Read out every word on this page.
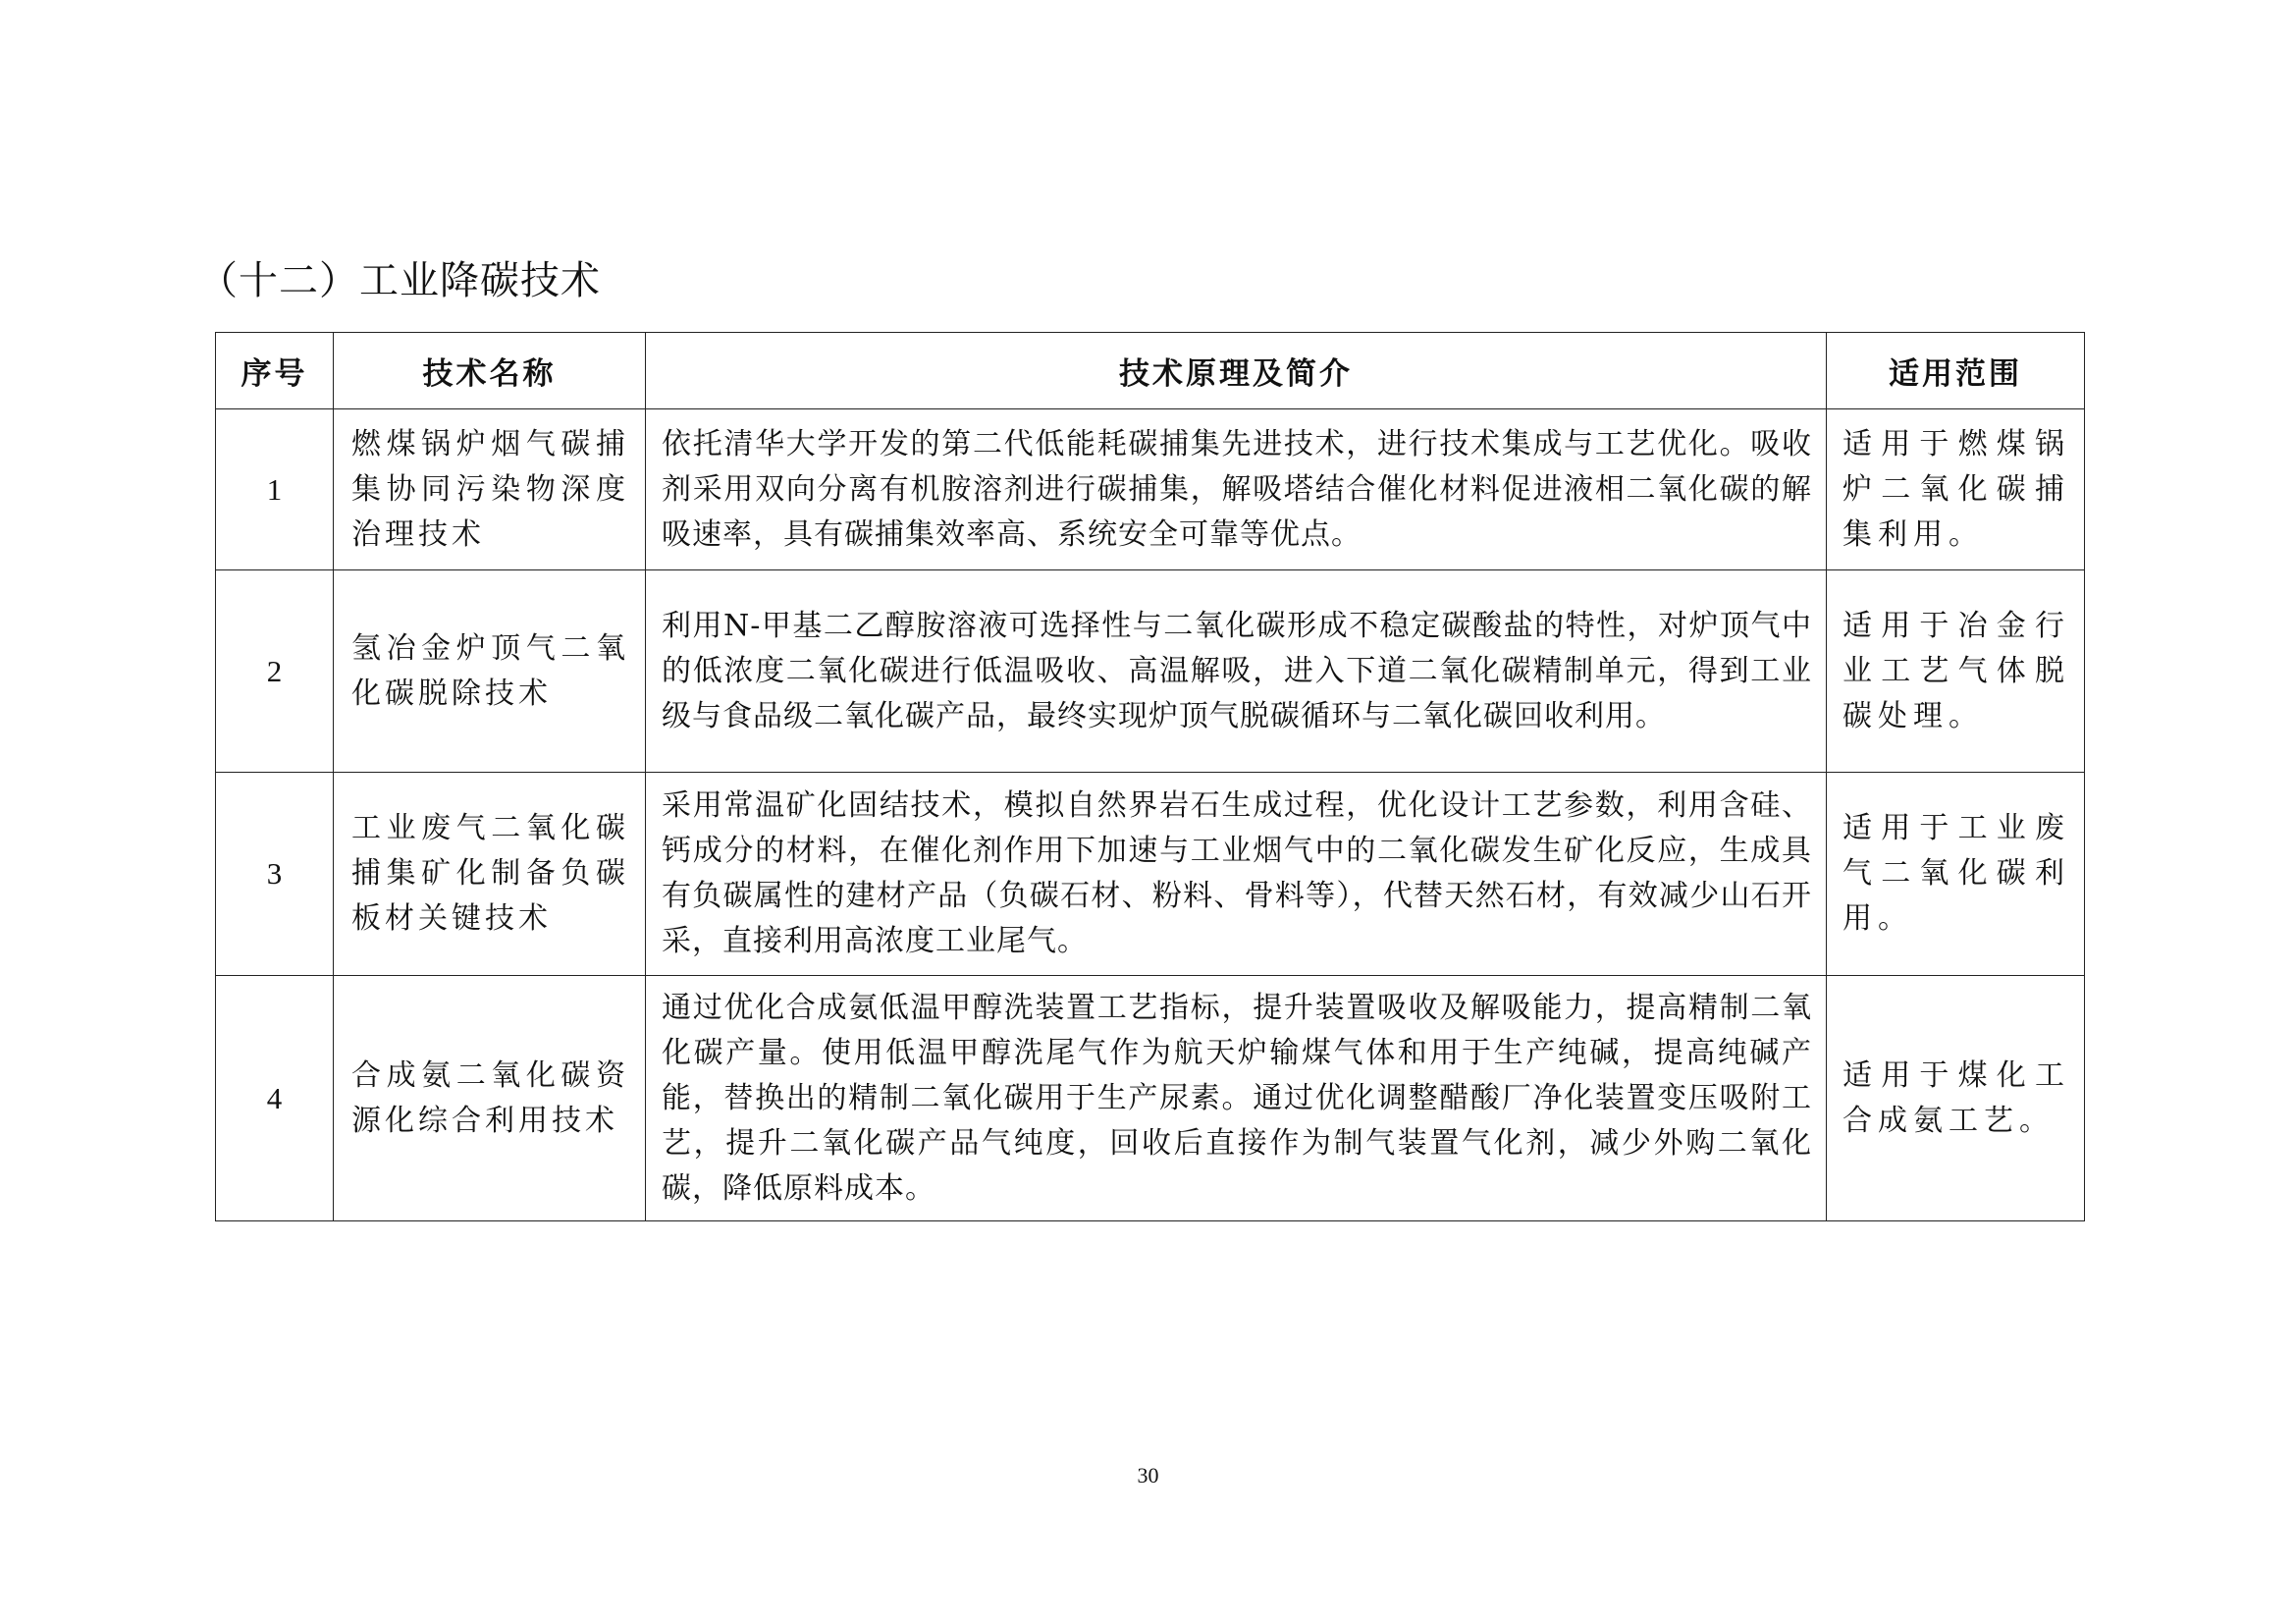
（十二）工业降碳技术
序号	技术名称	技术原理及简介	适用范围
1	燃煤锅炉烟气碳捕集协同污染物深度治理技术	依托清华大学开发的第二代低能耗碳捕集先进技术，进行技术集成与工艺优化。吸收剂采用双向分离有机胺溶剂进行碳捕集，解吸塔结合催化材料促进液相二氧化碳的解吸速率，具有碳捕集效率高、系统安全可靠等优点。	适用于燃煤锅炉二氧化碳捕集利用。
2	氢冶金炉顶气二氧化碳脱除技术	利用N-甲基二乙醇胺溶液可选择性与二氧化碳形成不稳定碳酸盐的特性，对炉顶气中的低浓度二氧化碳进行低温吸收、高温解吸，进入下道二氧化碳精制单元，得到工业级与食品级二氧化碳产品，最终实现炉顶气脱碳循环与二氧化碳回收利用。	适用于冶金行业工艺气体脱碳处理。
3	工业废气二氧化碳捕集矿化制备负碳板材关键技术	采用常温矿化固结技术，模拟自然界岩石生成过程，优化设计工艺参数，利用含硅、钙成分的材料，在催化剂作用下加速与工业烟气中的二氧化碳发生矿化反应，生成具有负碳属性的建材产品（负碳石材、粉料、骨料等），代替天然石材，有效减少山石开采，直接利用高浓度工业尾气。	适用于工业废气二氧化碳利用。
4	合成氨二氧化碳资源化综合利用技术	通过优化合成氨低温甲醇洗装置工艺指标，提升装置吸收及解吸能力，提高精制二氧化碳产量。使用低温甲醇洗尾气作为航天炉输煤气体和用于生产纯碱，提高纯碱产能，替换出的精制二氧化碳用于生产尿素。通过优化调整醋酸厂净化装置变压吸附工艺，提升二氧化碳产品气纯度，回收后直接作为制气装置气化剂，减少外购二氧化碳，降低原料成本。	适用于煤化工合成氨工艺。
30
